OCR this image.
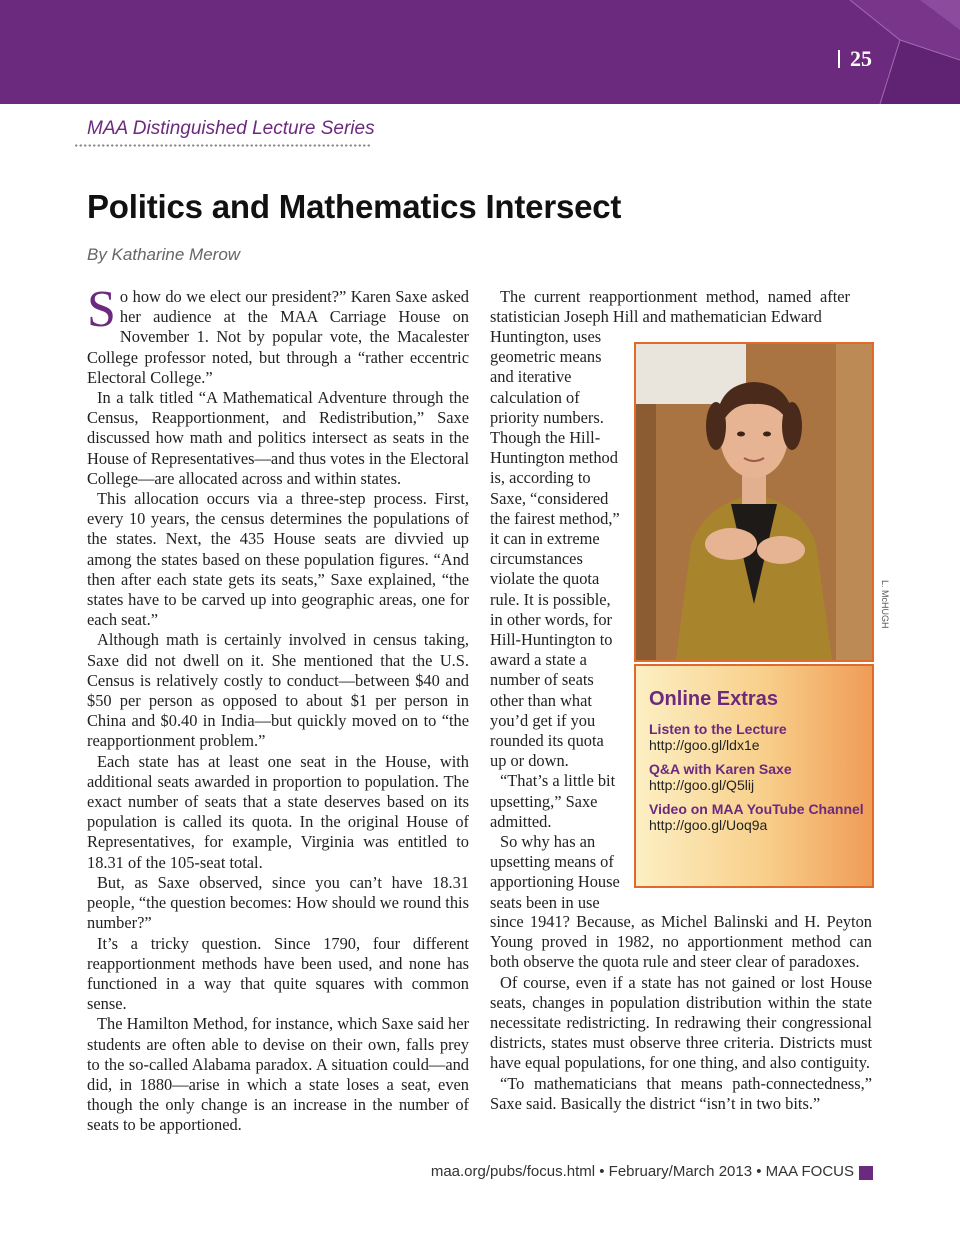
25
MAA Distinguished Lecture Series
Politics and Mathematics Intersect
By Katharine Merow

So how do we elect our president?” Karen Saxe asked her audience at the MAA Carriage House on November 1. Not by popular vote, the Macalester College professor noted, but through a “rather eccentric Electoral College.”

In a talk titled “A Mathematical Adventure through the Census, Reapportionment, and Redistribution,” Saxe discussed how math and politics intersect as seats in the House of Representatives—and thus votes in the Electoral College—are allocated across and within states.

This allocation occurs via a three-step process. First, every 10 years, the census determines the populations of the states. Next, the 435 House seats are divvied up among the states based on these population figures. “And then after each state gets its seats,” Saxe explained, “the states have to be carved up into geographic areas, one for each seat.”

Although math is certainly involved in census taking, Saxe did not dwell on it. She mentioned that the U.S. Census is relatively costly to conduct—between $40 and $50 per person as opposed to about $1 per person in China and $0.40 in India—but quickly moved on to “the reapportionment problem.”

Each state has at least one seat in the House, with additional seats awarded in proportion to population. The exact number of seats that a state deserves based on its population is called its quota. In the original House of Representatives, for example, Virginia was entitled to 18.31 of the 105-seat total.

But, as Saxe observed, since you can’t have 18.31 people, “the question becomes: How should we round this number?”

It’s a tricky question. Since 1790, four different reapportionment methods have been used, and none has functioned in a way that quite squares with common sense.

The Hamilton Method, for instance, which Saxe said her students are often able to devise on their own, falls prey to the so-called Alabama paradox. A situation could—and did, in 1880—arise in which a state loses a seat, even though the only change is an increase in the number of seats to be apportioned.

The current reapportionment method, named after statistician Joseph Hill and mathematician Edward

Huntington, uses geometric means and iterative calculation of priority numbers. Though the Hill-Huntington method is, according to Saxe, “considered the fairest method,” it can in extreme circumstances violate the quota rule. It is possible, in other words, for Hill-Huntington to award a state a number of seats other than what you’d get if you rounded its quota up or down.

“That’s a little bit upsetting,” Saxe admitted.

So why has an upsetting means of apportioning House seats been in use

since 1941? Because, as Michel Balinski and H. Peyton Young proved in 1982, no apportionment method can both observe the quota rule and steer clear of paradoxes.

Of course, even if a state has not gained or lost House seats, changes in population distribution within the state necessitate redistricting. In redrawing their congressional districts, states must observe three criteria. Districts must have equal populations, for one thing, and also contiguity.

“To mathematicians that means path-connectedness,” Saxe said. Basically the district “isn’t in two bits.”

L. McHUGH
Online Extras
Listen to the Lecture
http://goo.gl/ldx1e
Q&A with Karen Saxe
http://goo.gl/Q5lij
Video on MAA YouTube Channel
http://goo.gl/Uoq9a
maa.org/pubs/focus.html • February/March 2013 • MAA FOCUS
